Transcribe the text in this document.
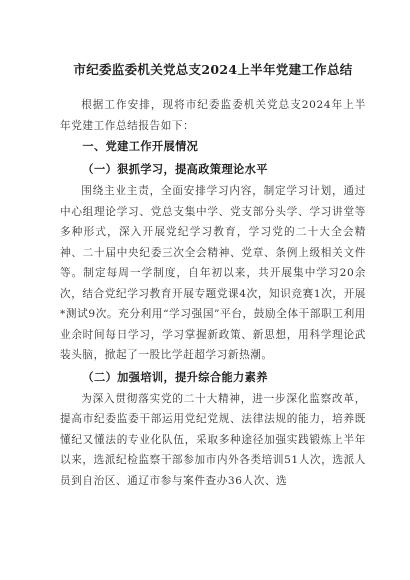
市纪委监委机关党总支2024上半年党建工作总结

根据工作安排，现将市纪委监委机关党总支2024年上半年党建工作总结报告如下：

一、党建工作开展情况

（一）狠抓学习，提高政策理论水平

围绕主业主责，全面安排学习内容，制定学习计划，通过中心组理论学习、党总支集中学、党支部分头学、学习讲堂等多种形式，深入开展党纪学习教育，学习党的二十大全会精神、二十届中央纪委三次全会精神、党章、条例上级相关文件等。制定每周一学制度，自年初以来，共开展集中学习20余次，结合党纪学习教育开展专题党课4次，知识竞赛1次，开展*测试9次。充分利用“学习强国”平台，鼓励全体干部职工利用业余时间每日学习，学习掌握新政策、新思想，用科学理论武装头脑，掀起了一股比学赶超学习新热潮。

（二）加强培训，提升综合能力素养

为深入贯彻落实党的二十大精神，进一步深化监察改革，提高市纪委监委干部运用党纪党规、法律法规的能力，培养既懂纪又懂法的专业化队伍，采取多种途径加强实践锻炼上半年以来，选派纪检监察干部参加市内外各类培训51人次，选派人员到自治区、通辽市参与案件查办36人次、选
